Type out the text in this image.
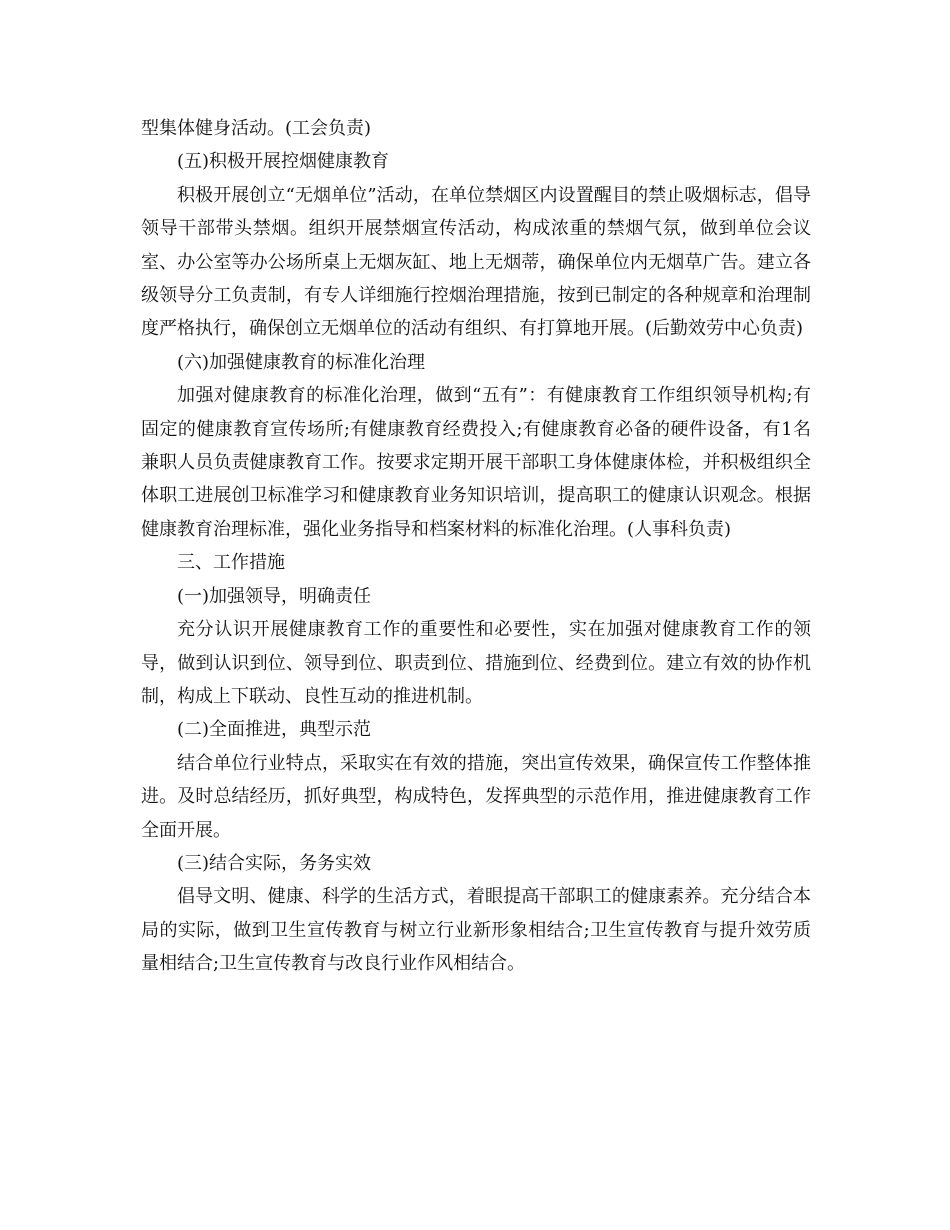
型集体健身活动。(工会负责)

(五)积极开展控烟健康教育

积极开展创立“无烟单位”活动，在单位禁烟区内设置醒目的禁止吸烟标志，倡导领导干部带头禁烟。组织开展禁烟宣传活动，构成浓重的禁烟气氛，做到单位会议室、办公室等办公场所桌上无烟灰缸、地上无烟蒂，确保单位内无烟草广告。建立各级领导分工负责制，有专人详细施行控烟治理措施，按到已制定的各种规章和治理制度严格执行，确保创立无烟单位的活动有组织、有打算地开展。(后勤效劳中心负责)

(六)加强健康教育的标准化治理

加强对健康教育的标准化治理，做到“五有”：有健康教育工作组织领导机构;有固定的健康教育宣传场所;有健康教育经费投入;有健康教育必备的硬件设备，有1名兼职人员负责健康教育工作。按要求定期开展干部职工身体健康体检，并积极组织全体职工进展创卫标准学习和健康教育业务知识培训，提高职工的健康认识观念。根据健康教育治理标准，强化业务指导和档案材料的标准化治理。(人事科负责)

三、工作措施

(一)加强领导，明确责任

充分认识开展健康教育工作的重要性和必要性，实在加强对健康教育工作的领导，做到认识到位、领导到位、职责到位、措施到位、经费到位。建立有效的协作机制，构成上下联动、良性互动的推进机制。

(二)全面推进，典型示范

结合单位行业特点，采取实在有效的措施，突出宣传效果，确保宣传工作整体推进。及时总结经历，抓好典型，构成特色，发挥典型的示范作用，推进健康教育工作全面开展。

(三)结合实际，务务实效

倡导文明、健康、科学的生活方式，着眼提高干部职工的健康素养。充分结合本局的实际，做到卫生宣传教育与树立行业新形象相结合;卫生宣传教育与提升效劳质量相结合;卫生宣传教育与改良行业作风相结合。
